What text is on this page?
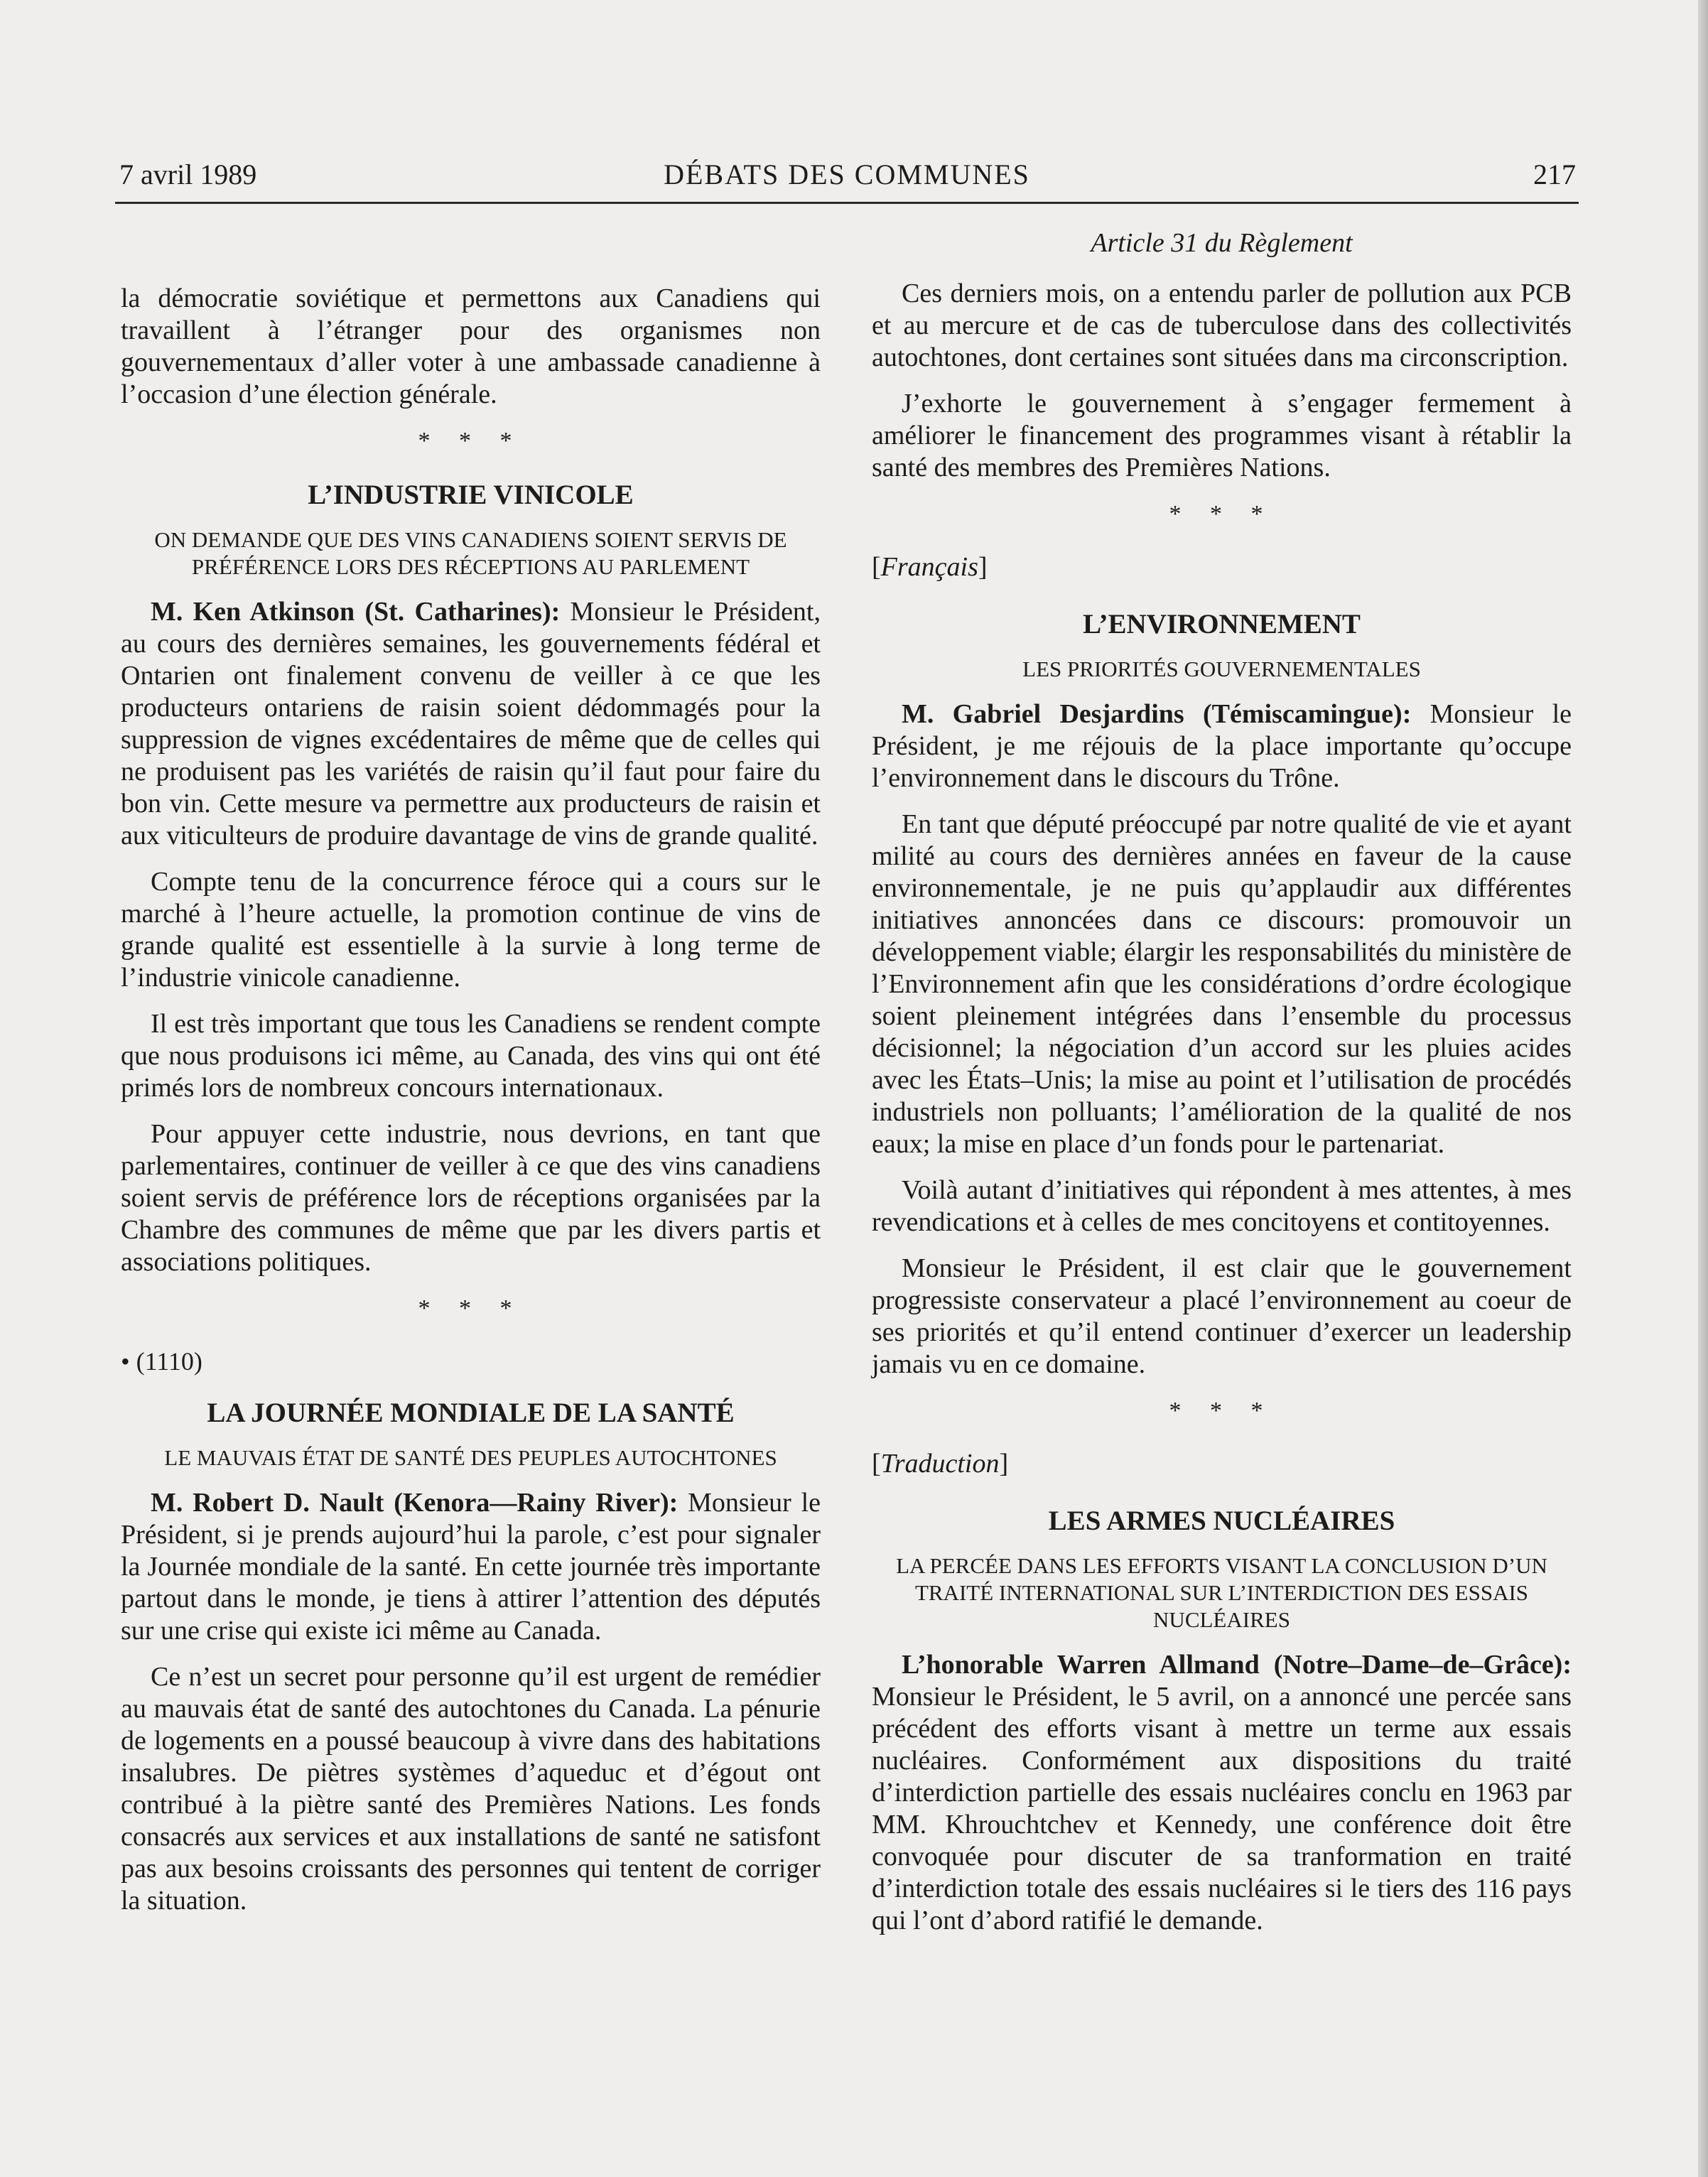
7 avril 1989	DÉBATS DES COMMUNES	217

la démocratie soviétique et permettons aux Canadiens qui travaillent à l’étranger pour des organismes non gouvernementaux d’aller voter à une ambassade canadienne à l’occasion d’une élection générale.

* * *
L’INDUSTRIE VINICOLE
ON DEMANDE QUE DES VINS CANADIENS SOIENT SERVIS DE PRÉFÉRENCE LORS DES RÉCEPTIONS AU PARLEMENT

M. Ken Atkinson (St. Catharines): Monsieur le Président, au cours des dernières semaines, les gouvernements fédéral et Ontarien ont finalement convenu de veiller à ce que les producteurs ontariens de raisin soient dédommagés pour la suppression de vignes excédentaires de même que de celles qui ne produisent pas les variétés de raisin qu’il faut pour faire du bon vin. Cette mesure va permettre aux producteurs de raisin et aux viticulteurs de produire davantage de vins de grande qualité.

Compte tenu de la concurrence féroce qui a cours sur le marché à l’heure actuelle, la promotion continue de vins de grande qualité est essentielle à la survie à long terme de l’industrie vinicole canadienne.

Il est très important que tous les Canadiens se rendent compte que nous produisons ici même, au Canada, des vins qui ont été primés lors de nombreux concours internationaux.

Pour appuyer cette industrie, nous devrions, en tant que parlementaires, continuer de veiller à ce que des vins canadiens soient servis de préférence lors de réceptions organisées par la Chambre des communes de même que par les divers partis et associations politiques.

* * *
• (1110)
LA JOURNÉE MONDIALE DE LA SANTÉ
LE MAUVAIS ÉTAT DE SANTÉ DES PEUPLES AUTOCHTONES

M. Robert D. Nault (Kenora—Rainy River): Monsieur le Président, si je prends aujourd’hui la parole, c’est pour signaler la Journée mondiale de la santé. En cette journée très importante partout dans le monde, je tiens à attirer l’attention des députés sur une crise qui existe ici même au Canada.

Ce n’est un secret pour personne qu’il est urgent de remédier au mauvais état de santé des autochtones du Canada. La pénurie de logements en a poussé beaucoup à vivre dans des habitations insalubres. De piètres systèmes d’aqueduc et d’égout ont contribué à la piètre santé des Premières Nations. Les fonds consacrés aux services et aux installations de santé ne satisfont pas aux besoins croissants des personnes qui tentent de corriger la situation.

Article 31 du Règlement

Ces derniers mois, on a entendu parler de pollution aux PCB et au mercure et de cas de tuberculose dans des collectivités autochtones, dont certaines sont situées dans ma circonscription.

J’exhorte le gouvernement à s’engager fermement à améliorer le financement des programmes visant à rétablir la santé des membres des Premières Nations.

* * *
[Français]
L’ENVIRONNEMENT
LES PRIORITÉS GOUVERNEMENTALES

M. Gabriel Desjardins (Témiscamingue): Monsieur le Président, je me réjouis de la place importante qu’occupe l’environnement dans le discours du Trône.

En tant que député préoccupé par notre qualité de vie et ayant milité au cours des dernières années en faveur de la cause environnementale, je ne puis qu’applaudir aux différentes initiatives annoncées dans ce discours: promouvoir un développement viable; élargir les responsabilités du ministère de l’Environnement afin que les considérations d’ordre écologique soient pleinement intégrées dans l’ensemble du processus décisionnel; la négociation d’un accord sur les pluies acides avec les États–Unis; la mise au point et l’utilisation de procédés industriels non polluants; l’amélioration de la qualité de nos eaux; la mise en place d’un fonds pour le partenariat.

Voilà autant d’initiatives qui répondent à mes attentes, à mes revendications et à celles de mes concitoyens et contitoyennes.

Monsieur le Président, il est clair que le gouvernement progressiste conservateur a placé l’environnement au coeur de ses priorités et qu’il entend continuer d’exercer un leadership jamais vu en ce domaine.

* * *
[Traduction]
LES ARMES NUCLÉAIRES
LA PERCÉE DANS LES EFFORTS VISANT LA CONCLUSION D’UN TRAITÉ INTERNATIONAL SUR L’INTERDICTION DES ESSAIS NUCLÉAIRES

L’honorable Warren Allmand (Notre–Dame–de–Grâce): Monsieur le Président, le 5 avril, on a annoncé une percée sans précédent des efforts visant à mettre un terme aux essais nucléaires. Conformément aux dispositions du traité d’interdiction partielle des essais nucléaires conclu en 1963 par MM. Khrouchtchev et Kennedy, une conférence doit être convoquée pour discuter de sa tranformation en traité d’interdiction totale des essais nucléaires si le tiers des 116 pays qui l’ont d’abord ratifié le demande.
